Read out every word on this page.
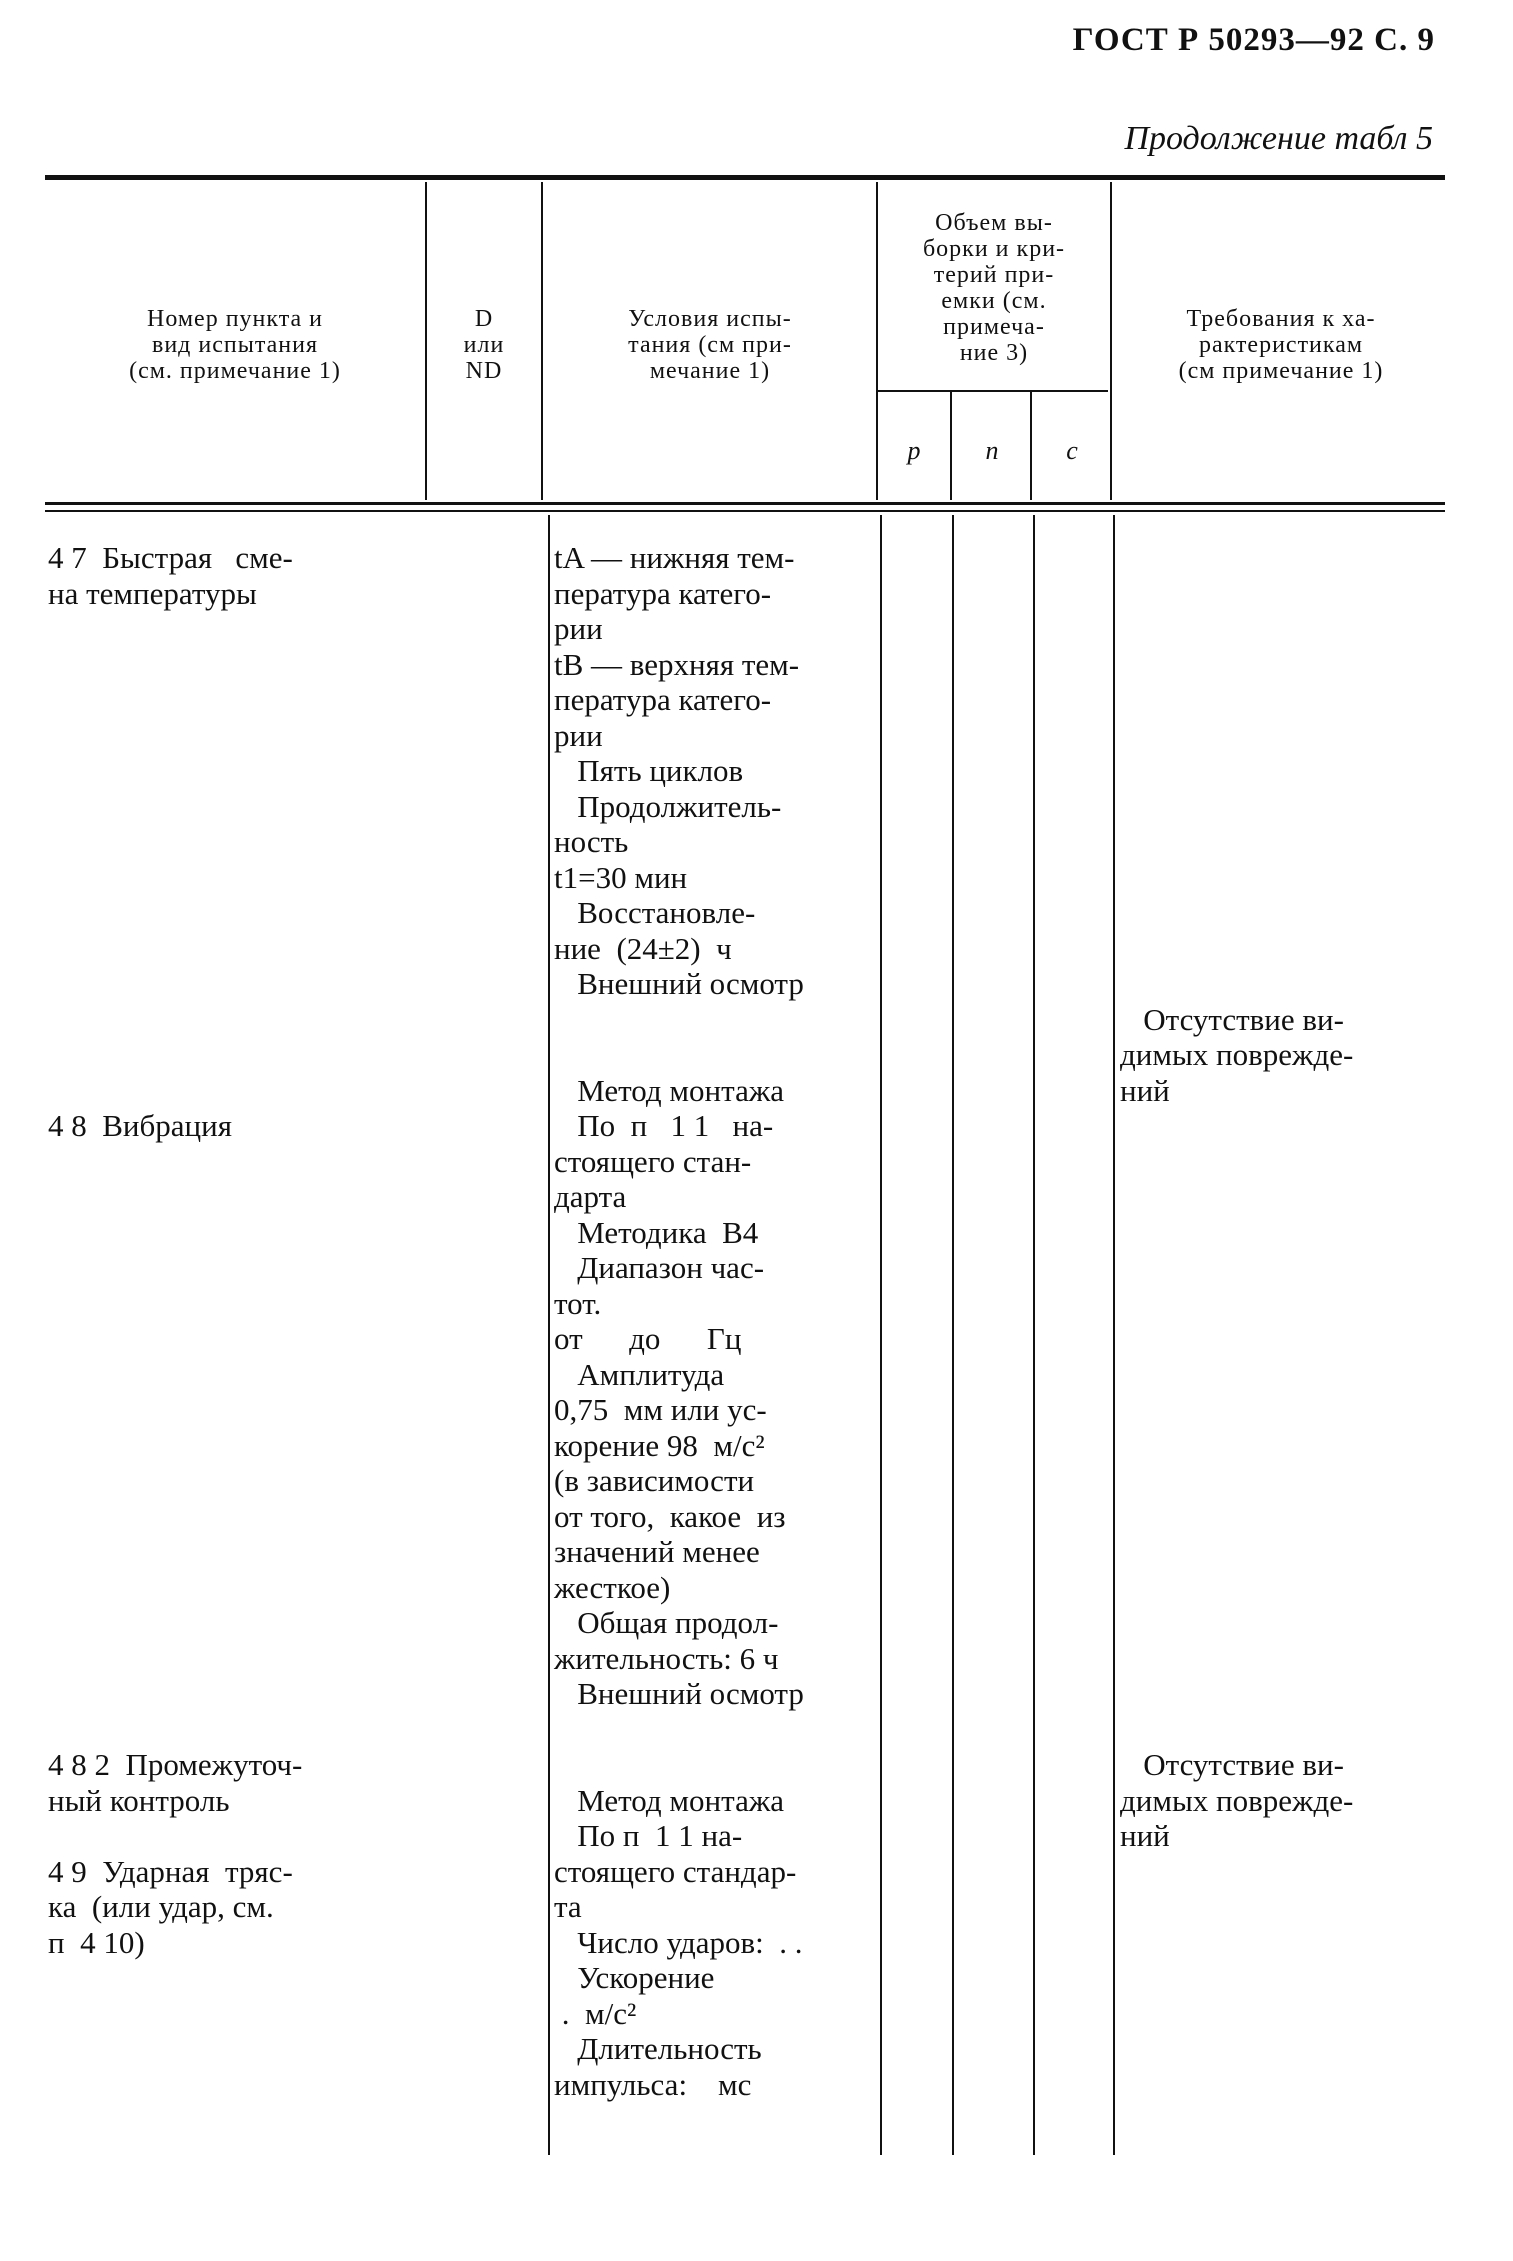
ГОСТ Р 50293—92 С. 9
Продолжение табл 5
Номер пункта и
вид испытания
(см. примечание 1)
D
или
ND
Условия испы-
тания (см при-
мечание 1)
Объем вы-
борки и кри-
терий при-
емки (см.
примеча-
ние 3)
Требования к ха-
рактеристикам
(см примечание 1)
p	n	c
4 7  Быстрая   сме-
на температуры

4 8  Вибрация

4 8 2  Промежуточ-
ный контроль

4 9  Ударная  тряс-
ка  (или удар, см.
п  4 10)
tA — нижняя тем-
пература катего-
рии
tB — верхняя тем-
пература катего-
рии
Пять циклов
Продолжитель-
ность
t1=30 мин
Восстановле-
ние  (24±2)  ч
Внешний осмотр

Метод монтажа
По  п   1 1   на-
стоящего стан-
дарта
Методика  В4
Диапазон час-
тот.
от      до      Гц
Амплитуда
0,75  мм или ус-
корение 98  м/с²
(в зависимости
от того,  какое  из
значений менее
жесткое)
Общая продол-
жительность: 6 ч
Внешний осмотр

Метод монтажа
По п  1 1 на-
стоящего стандар-
та
Число ударов:  . .
Ускорение
.  м/с²
Длительность
импульса:    мс

Отсутствие ви-
димых поврежде-
ний

Отсутствие ви-
димых поврежде-
ний
